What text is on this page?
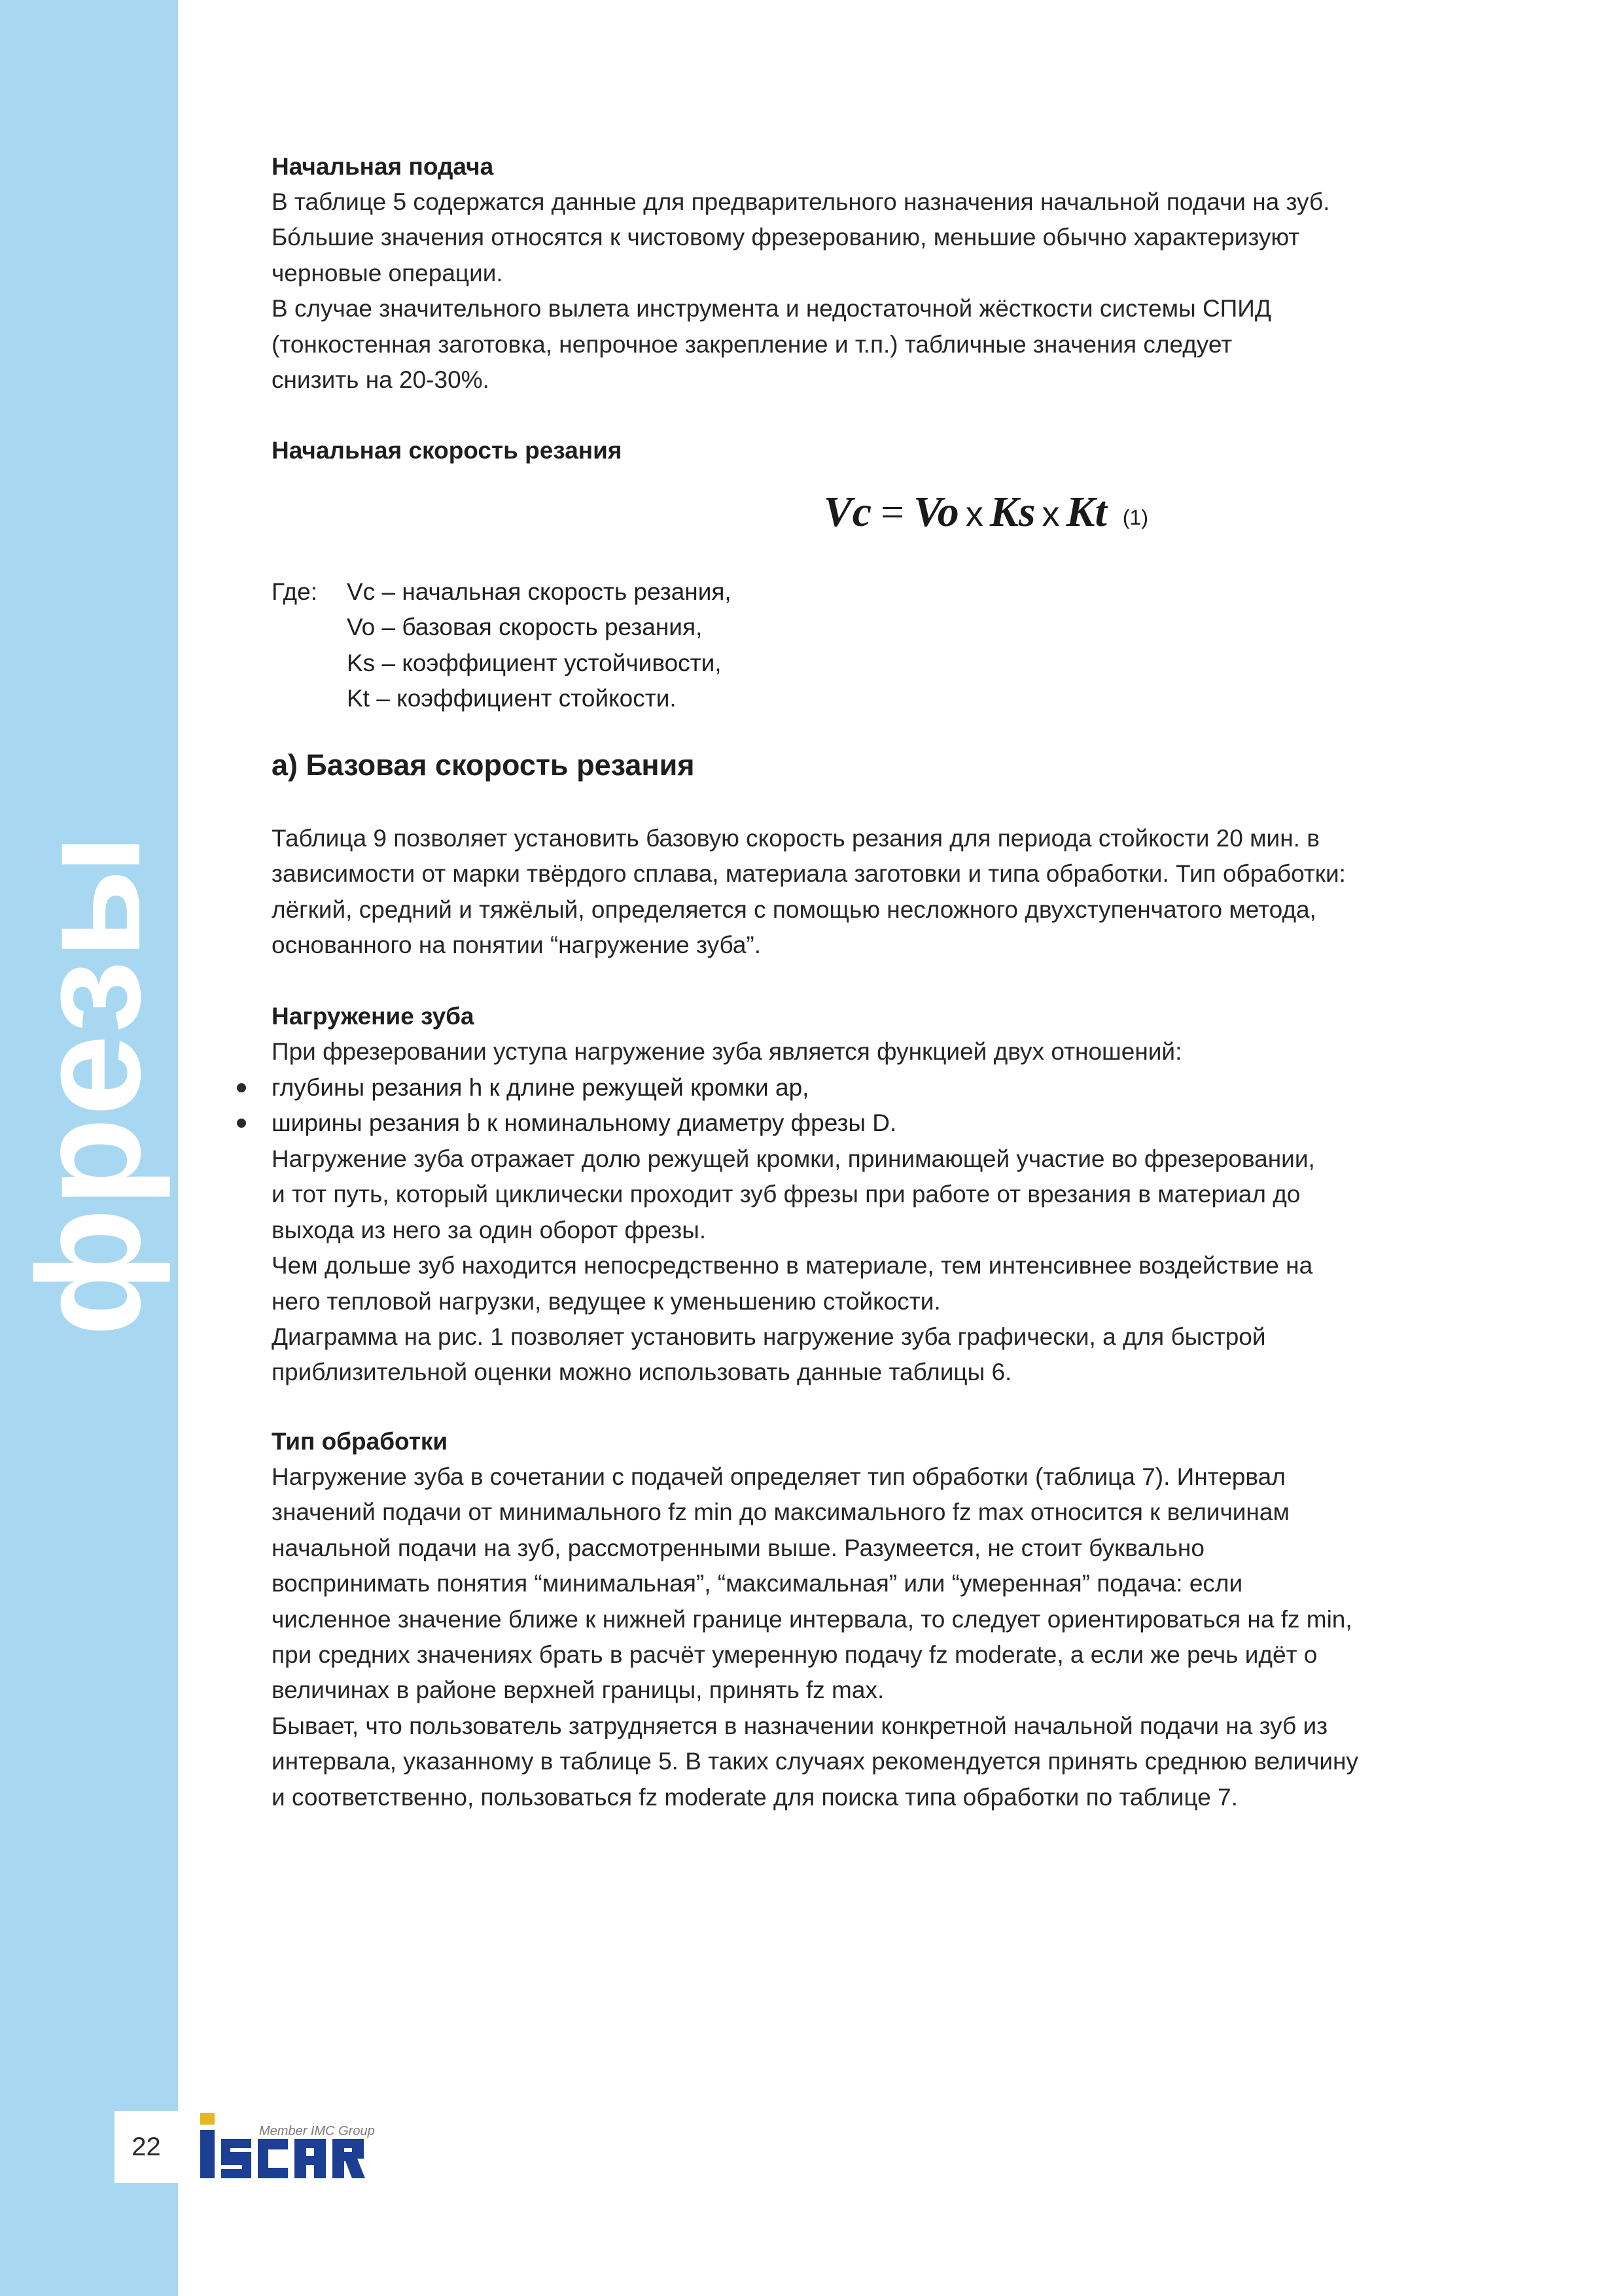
фрезы
Начальная подача

В таблице 5 содержатся данные для предварительного назначения начальной подачи на зуб.
Бóльшие значения относятся к чистовому фрезерованию, меньшие обычно характеризуют
черновые операции.
В случае значительного вылета инструмента и недостаточной жёсткости системы СПИД
(тонкостенная заготовка, непрочное закрепление и т.п.) табличные значения следует
снизить на 20-30%.

Начальная скорость резания
Vc = Vo x Ks x Kt (1)

Где: Vc – начальная скорость резания,
Vo – базовая скорость резания,
Ks – коэффициент устойчивости,
Kt – коэффициент стойкости.
а) Базовая скорость резания

Таблица 9 позволяет установить базовую скорость резания для периода стойкости 20 мин. в
зависимости от марки твёрдого сплава, материала заготовки и типа обработки. Тип обработки:
лёгкий, средний и тяжёлый, определяется с помощью несложного двухступенчатого метода,
основанного на понятии “нагружение зуба”.

Нагружение зуба

При фрезеровании уступа нагружение зуба является функцией двух отношений:

глубины резания h к длине режущей кромки ap,
ширины резания b к номинальному диаметру фрезы D.

Нагружение зуба отражает долю режущей кромки, принимающей участие во фрезеровании,
и тот путь, который циклически проходит зуб фрезы при работе от врезания в материал до
выхода из него за один оборот фрезы.
Чем дольше зуб находится непосредственно в материале, тем интенсивнее воздействие на
него тепловой нагрузки, ведущее к уменьшению стойкости.
Диаграмма на рис. 1 позволяет установить нагружение зуба графически, а для быстрой
приблизительной оценки можно использовать данные таблицы 6.

Тип обработки

Нагружение зуба в сочетании с подачей определяет тип обработки (таблица 7). Интервал
значений подачи от минимального fz min до максимального fz max относится к величинам
начальной подачи на зуб, рассмотренными выше. Разумеется, не стоит буквально
воспринимать понятия “минимальная”, “максимальная” или “умеренная” подача: если
численное значение ближе к нижней границе интервала, то следует ориентироваться на fz min,
при средних значениях брать в расчёт умеренную подачу fz moderate, а если же речь идёт о
величинах в районе верхней границы, принять fz max.
Бывает, что пользователь затрудняется в назначении конкретной начальной подачи на зуб из
интервала, указанному в таблице 5. В таких случаях рекомендуется принять среднюю величину
и соответственно, пользоваться fz moderate для поиска типа обработки по таблице 7.

22
Member IMC Group
